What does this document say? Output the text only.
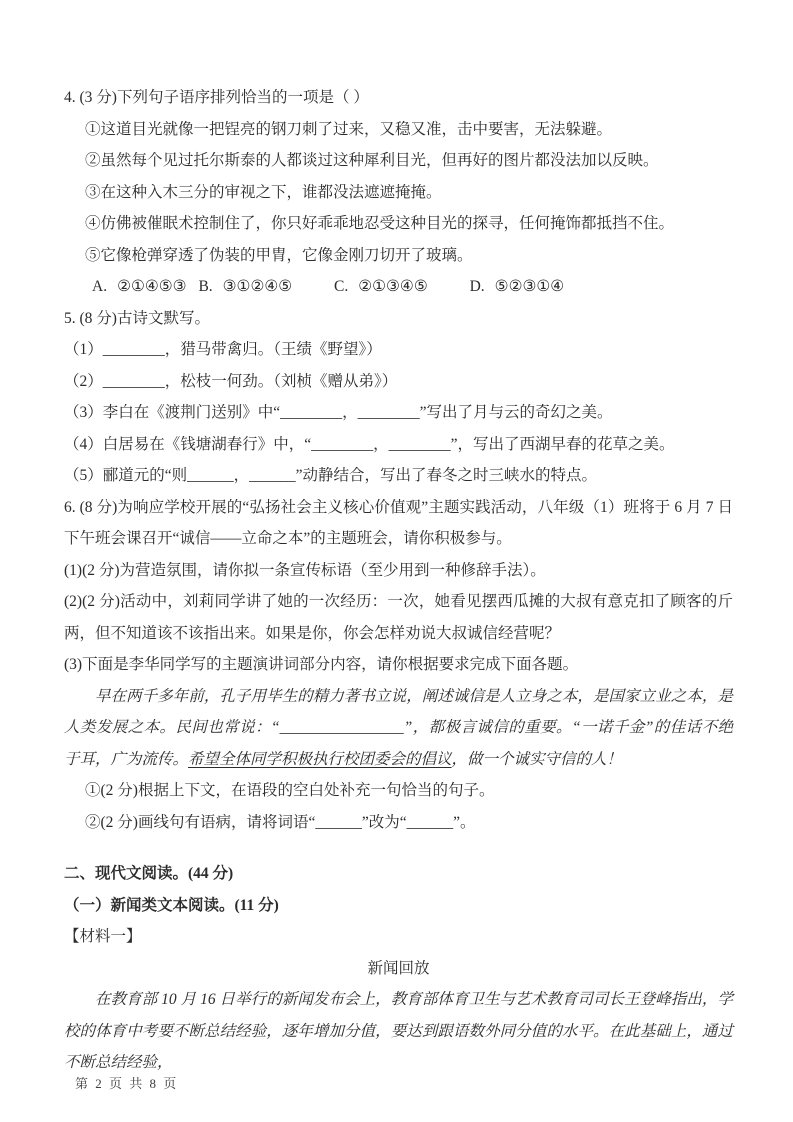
4. (3 分)下列句子语序排列恰当的一项是（ ）

①这道目光就像一把锃亮的钢刀刺了过来，又稳又准，击中要害，无法躲避。

②虽然每个见过托尔斯泰的人都谈过这种犀利目光，但再好的图片都没法加以反映。

③在这种入木三分的审视之下，谁都没法遮遮掩掩。

④仿佛被催眠术控制住了，你只好乖乖地忍受这种目光的探寻，任何掩饰都抵挡不住。

⑤它像枪弹穿透了伪装的甲胄，它像金刚刀切开了玻璃。

A. ②①④⑤③ B. ③①②④⑤	C. ②①③④⑤	D. ⑤②③①④

5. (8 分)古诗文默写。

（1）________，猎马带禽归。（王绩《野望》）

（2）________，松枝一何劲。（刘桢《赠从弟》）

（3）李白在《渡荆门送别》中“________，________”写出了月与云的奇幻之美。

（4）白居易在《钱塘湖春行》中，“________，________”，写出了西湖早春的花草之美。

（5）郦道元的“则______，______”动静结合，写出了春冬之时三峡水的特点。

6. (8 分)为响应学校开展的“弘扬社会主义核心价值观”主题实践活动，八年级（1）班将于 6 月 7 日下午班会课召开“诚信——立命之本”的主题班会，请你积极参与。

(1)(2 分)为营造氛围，请你拟一条宣传标语（至少用到一种修辞手法）。

(2)(2 分)活动中，刘莉同学讲了她的一次经历：一次，她看见摆西瓜摊的大叔有意克扣了顾客的斤两，但不知道该不该指出来。如果是你，你会怎样劝说大叔诚信经营呢？

(3)下面是李华同学写的主题演讲词部分内容，请你根据要求完成下面各题。

早在两千多年前，孔子用毕生的精力著书立说，阐述诚信是人立身之本，是国家立业之本，是人类发展之本。民间也常说：“________________”，都极言诚信的重要。“一诺千金”的佳话不绝于耳，广为流传。希望全体同学积极执行校团委会的倡议，做一个诚实守信的人！

①(2 分)根据上下文，在语段的空白处补充一句恰当的句子。

②(2 分)画线句有语病，请将词语“______”改为“______”。

二、现代文阅读。(44 分)

（一）新闻类文本阅读。(11 分)

【材料一】

新闻回放

在教育部 10 月 16 日举行的新闻发布会上，教育部体育卫生与艺术教育司司长王登峰指出，学校的体育中考要不断总结经验，逐年增加分值，要达到跟语数外同分值的水平。在此基础上，通过不断总结经验，

第 2 页 共 8 页
